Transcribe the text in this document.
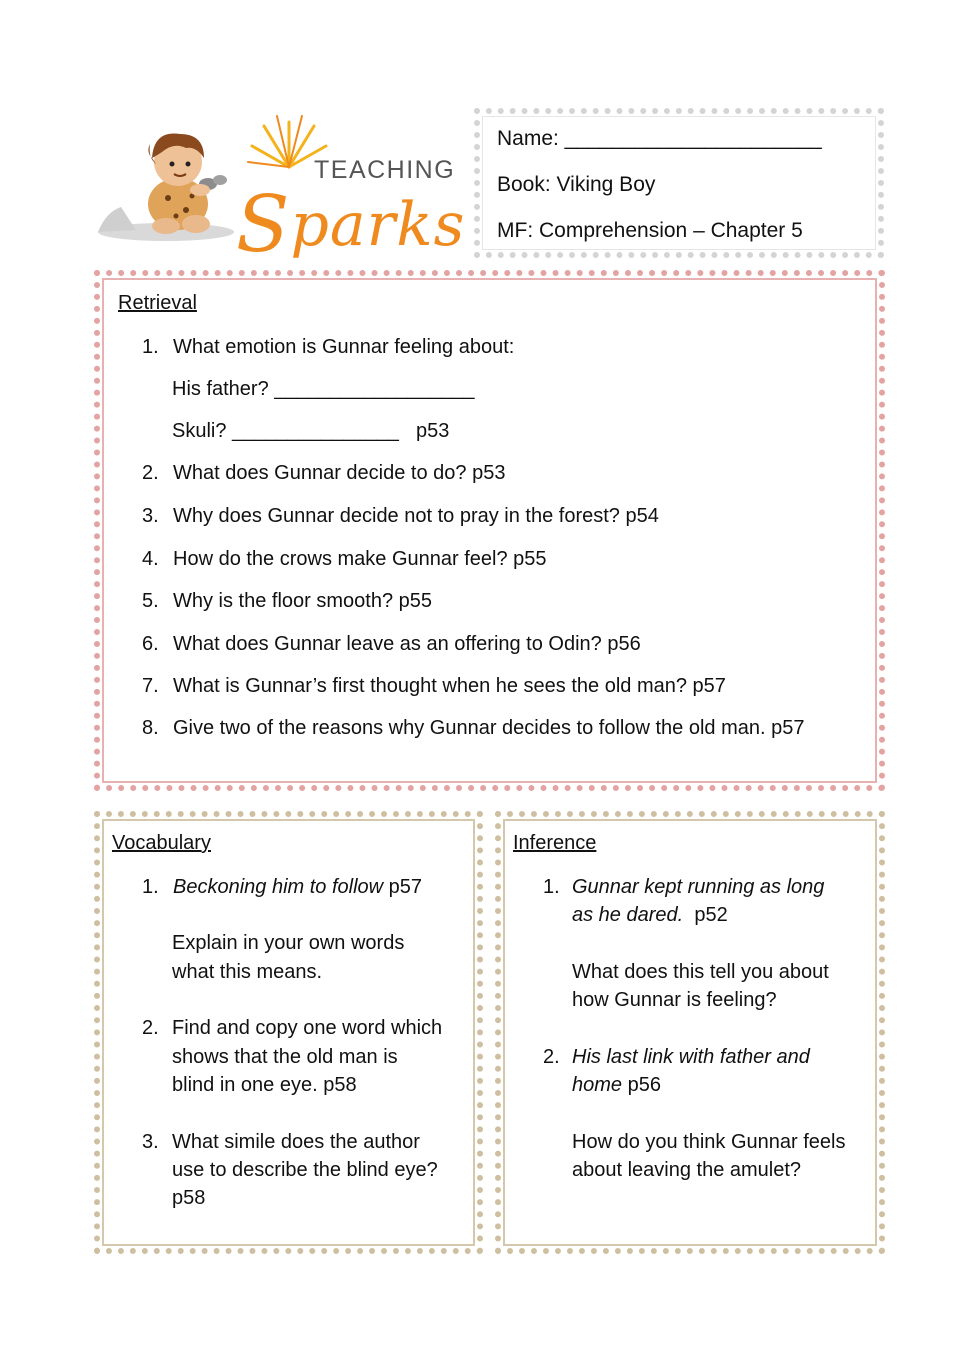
TEACHING
Sparks
Name: ______________________
Book: Viking Boy
MF: Comprehension – Chapter 5
Retrieval
1. What emotion is Gunnar feeling about:
His father? __________________
Skuli? _______________ p53
2. What does Gunnar decide to do? p53
3. Why does Gunnar decide not to pray in the forest? p54
4. How do the crows make Gunnar feel? p55
5. Why is the floor smooth? p55
6. What does Gunnar leave as an offering to Odin? p56
7. What is Gunnar’s first thought when he sees the old man? p57
8. Give two of the reasons why Gunnar decides to follow the old man. p57
Vocabulary
1. Beckoning him to follow p57
Explain in your own words
what this means.
2. Find and copy one word which
shows that the old man is
blind in one eye. p58
3. What simile does the author
use to describe the blind eye?
p58
Inference
1. Gunnar kept running as long
as he dared.  p52
What does this tell you about
how Gunnar is feeling?
2. His last link with father and
home p56
How do you think Gunnar feels
about leaving the amulet?
